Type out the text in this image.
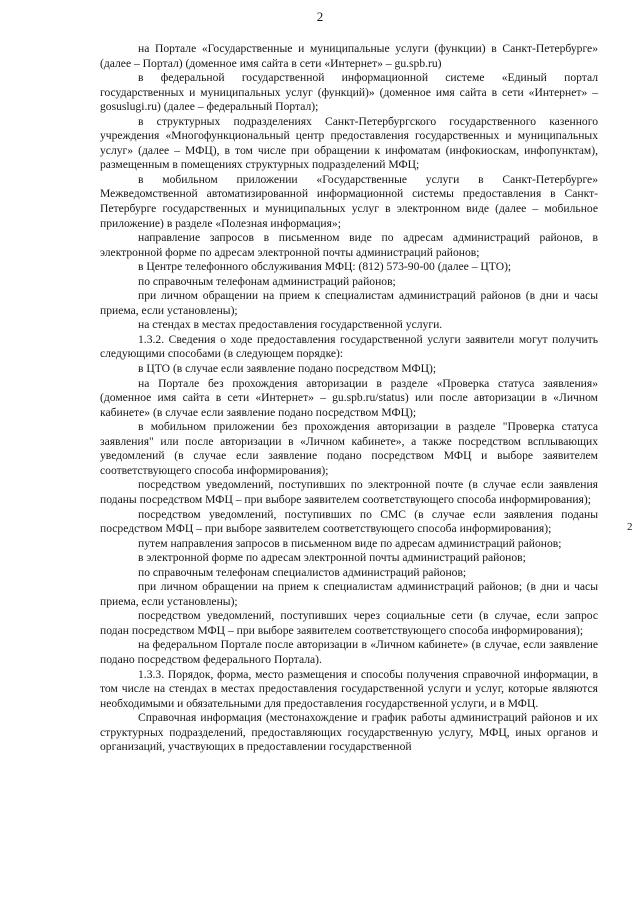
2

на Портале «Государственные и муниципальные услуги (функции) в Санкт-Петербурге» (далее – Портал) (доменное имя сайта в сети «Интернет» – gu.spb.ru)

в федеральной государственной информационной системе «Единый портал государственных и муниципальных услуг (функций)» (доменное имя сайта в сети «Интернет» – gosuslugi.ru) (далее – федеральный Портал);

в структурных подразделениях Санкт-Петербургского государственного казенного учреждения «Многофункциональный центр предоставления государственных и муниципальных услуг» (далее – МФЦ), в том числе при обращении к инфоматам (инфокиоскам, инфопунктам), размещенным в помещениях структурных подразделений МФЦ;

в мобильном приложении «Государственные услуги в Санкт-Петербурге» Межведомственной автоматизированной информационной системы предоставления в Санкт-Петербурге государственных и муниципальных услуг в электронном виде (далее – мобильное приложение) в разделе «Полезная информация»;

направление запросов в письменном виде по адресам администраций районов, в электронной форме по адресам электронной почты администраций районов;

в Центре телефонного обслуживания МФЦ: (812) 573-90-00 (далее – ЦТО);

по справочным телефонам администраций районов;

при личном обращении на прием к специалистам администраций районов (в дни и часы приема, если установлены);

на стендах в местах предоставления государственной услуги.

1.3.2. Сведения о ходе предоставления государственной услуги заявители могут получить следующими способами (в следующем порядке):

в ЦТО (в случае если заявление подано посредством МФЦ);

на Портале без прохождения авторизации в разделе «Проверка статуса заявления» (доменное имя сайта в сети «Интернет» – gu.spb.ru/status) или после авторизации в «Личном кабинете» (в случае если заявление подано посредством МФЦ);

в мобильном приложении без прохождения авторизации в разделе "Проверка статуса заявления" или после авторизации в «Личном кабинете», а также посредством всплывающих уведомлений (в случае если заявление подано посредством МФЦ и выборе заявителем соответствующего способа информирования);

посредством уведомлений, поступивших по электронной почте (в случае если заявления поданы посредством МФЦ – при выборе заявителем соответствующего способа информирования);

посредством уведомлений, поступивших по СМС (в случае если заявления поданы посредством МФЦ – при выборе заявителем соответствующего способа информирования);

путем направления запросов в письменном виде по адресам администраций районов;

в электронной форме по адресам электронной почты администраций районов;

по справочным телефонам специалистов администраций районов;

при личном обращении на прием к специалистам администраций районов; (в дни и часы приема, если установлены);

посредством уведомлений, поступивших через социальные сети (в случае, если запрос подан посредством МФЦ – при выборе заявителем соответствующего способа информирования);

на федеральном Портале после авторизации в «Личном кабинете» (в случае, если заявление подано посредством федерального Портала).

1.3.3. Порядок, форма, место размещения и способы получения справочной информации, в том числе на стендах в местах предоставления государственной услуги и услуг, которые являются необходимыми и обязательными для предоставления государственной услуги, и в МФЦ.

Справочная информация (местонахождение и график работы администраций районов и их структурных подразделений, предоставляющих государственную услугу, МФЦ, иных органов и организаций, участвующих в предоставлении государственной

2
